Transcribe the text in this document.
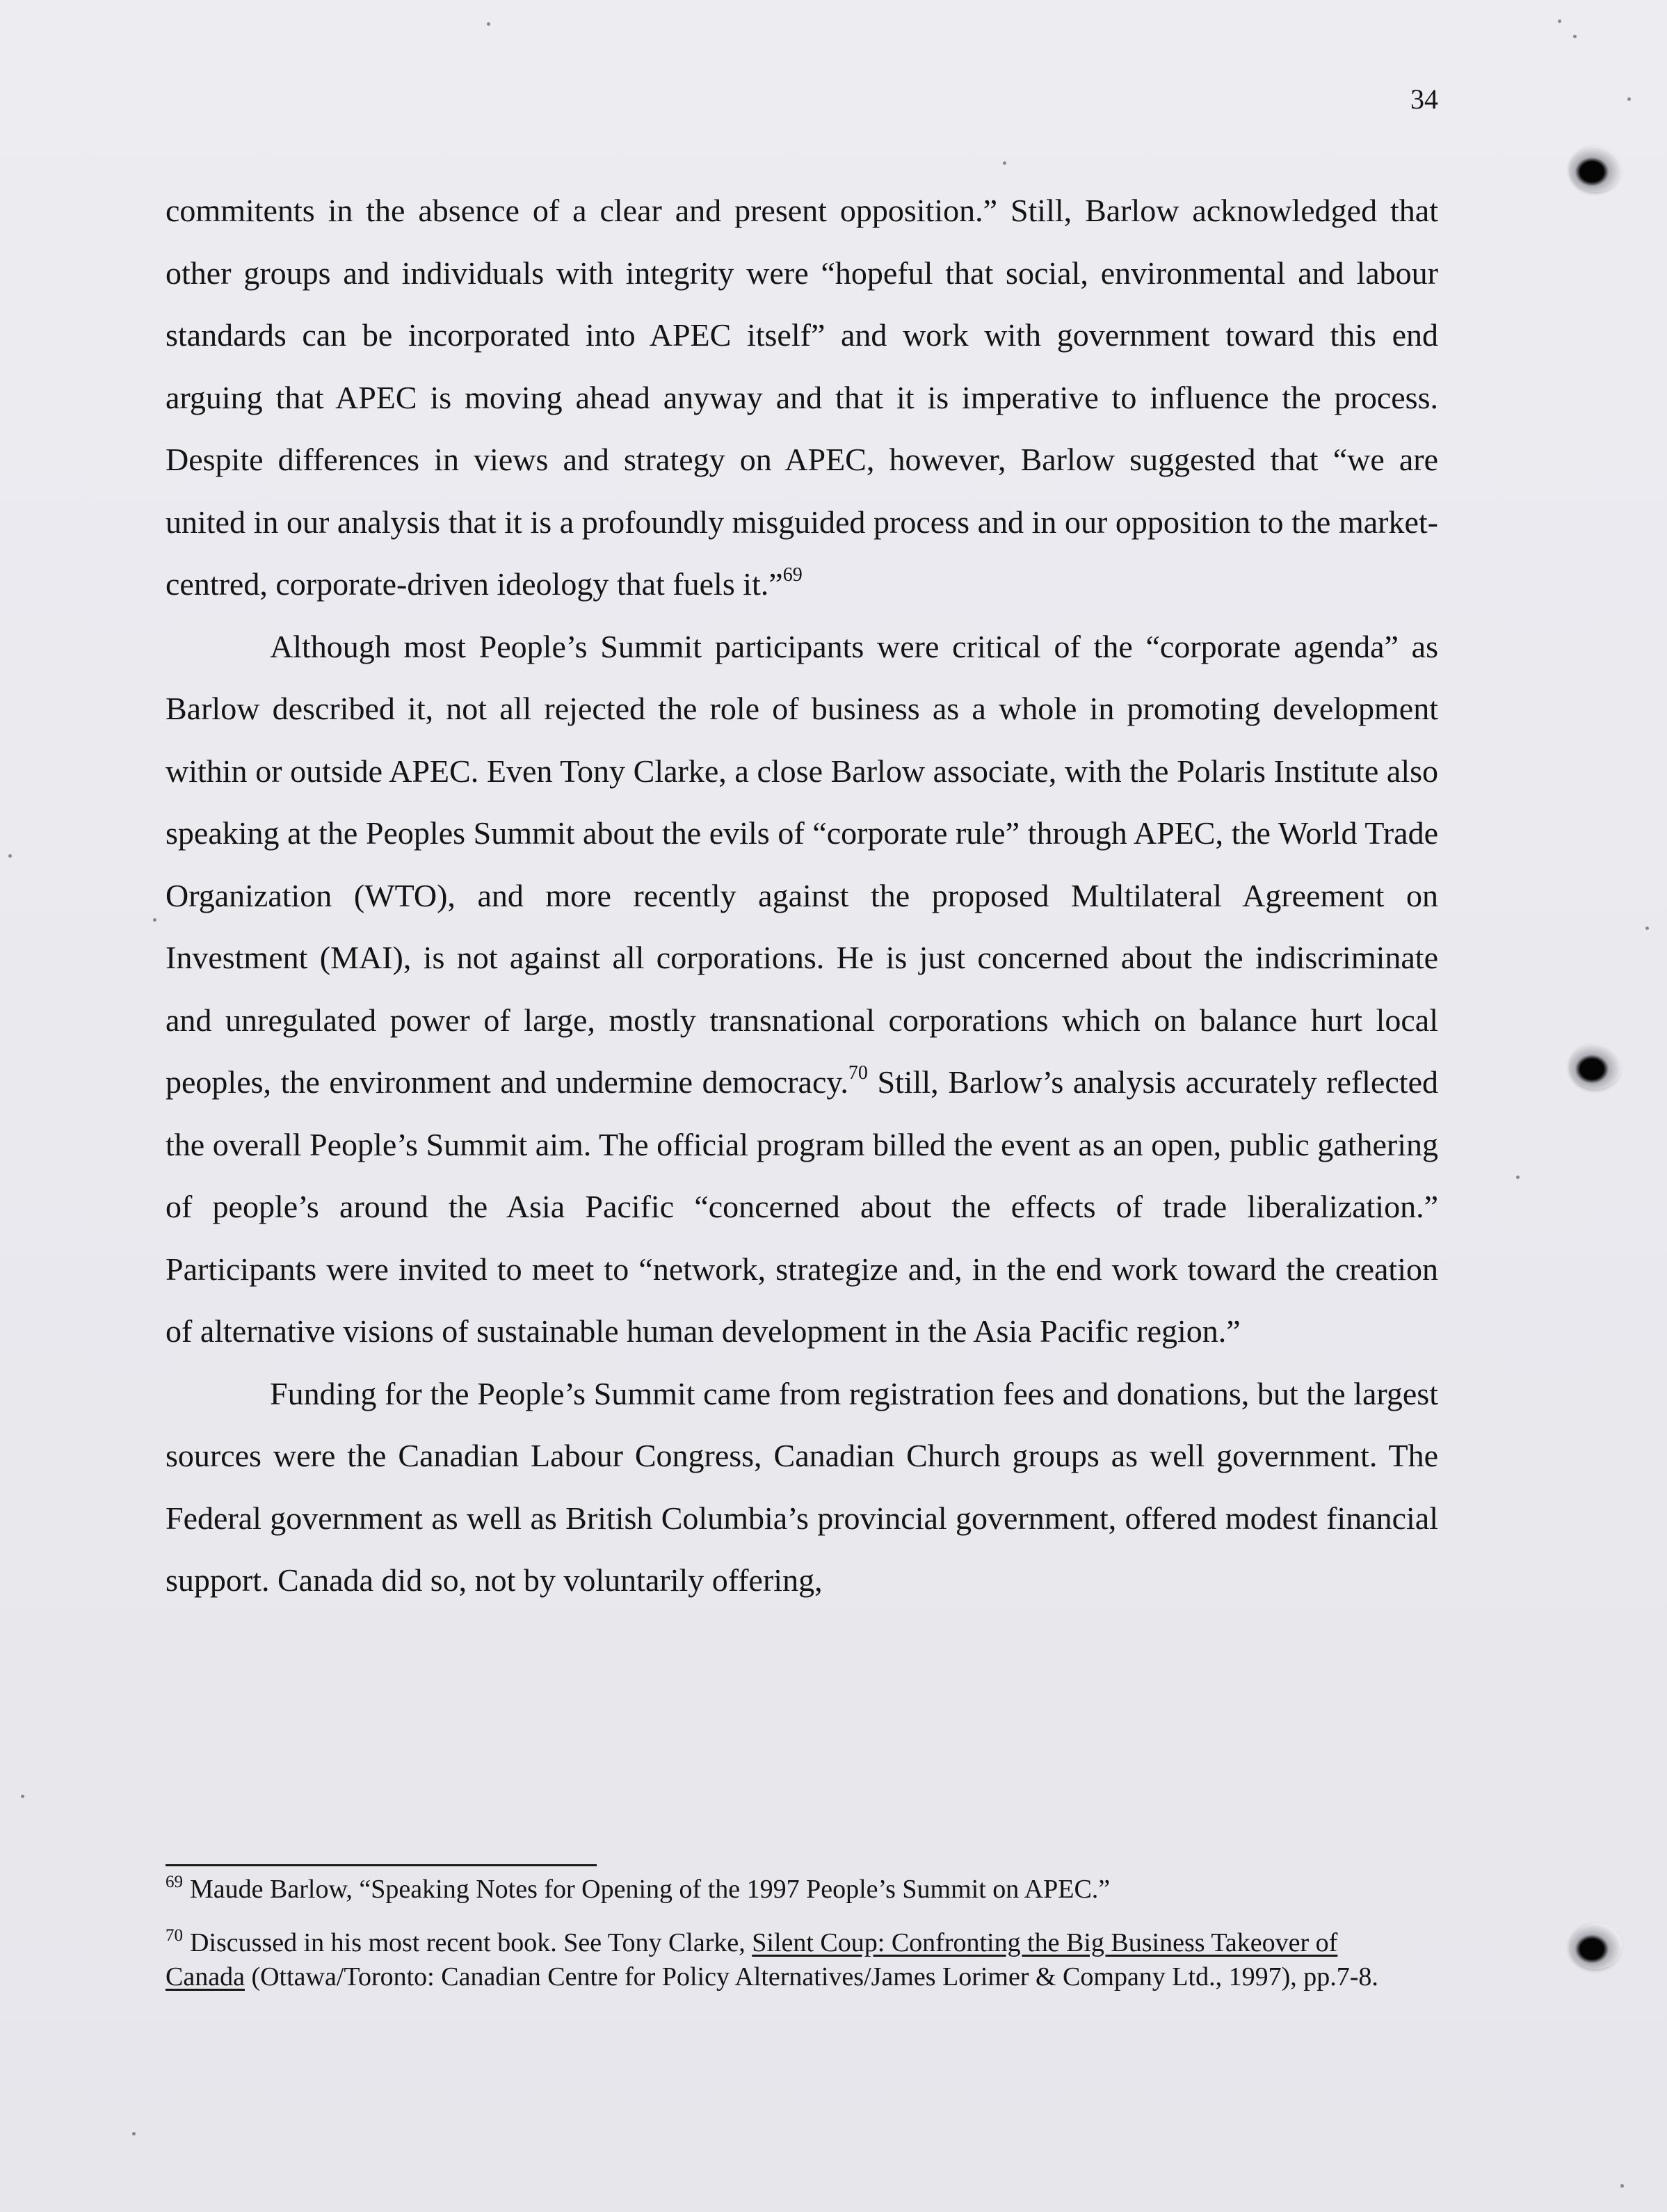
34

commitents in the absence of a clear and present opposition.” Still, Barlow acknowledged that other groups and individuals with integrity were “hopeful that social, environmental and labour standards can be incorporated into APEC itself” and work with government toward this end arguing that APEC is moving ahead anyway and that it is imperative to influence the process. Despite differences in views and strategy on APEC, however, Barlow suggested that “we are united in our analysis that it is a profoundly misguided process and in our opposition to the market-centred, corporate-driven ideology that fuels it.”$^{69}$

Although most People’s Summit participants were critical of the “corporate agenda” as Barlow described it, not all rejected the role of business as a whole in promoting development within or outside APEC. Even Tony Clarke, a close Barlow associate, with the Polaris Institute also speaking at the Peoples Summit about the evils of “corporate rule” through APEC, the World Trade Organization (WTO), and more recently against the proposed Multilateral Agreement on Investment (MAI), is not against all corporations. He is just concerned about the indiscriminate and unregulated power of large, mostly transnational corporations which on balance hurt local peoples, the environment and undermine democracy.$^{70}$ Still, Barlow’s analysis accurately reflected the overall People’s Summit aim. The official program billed the event as an open, public gathering of people’s around the Asia Pacific “concerned about the effects of trade liberalization.” Participants were invited to meet to “network, strategize and, in the end work toward the creation of alternative visions of sustainable human development in the Asia Pacific region.”

Funding for the People’s Summit came from registration fees and donations, but the largest sources were the Canadian Labour Congress, Canadian Church groups as well government. The Federal government as well as British Columbia’s provincial government, offered modest financial support. Canada did so, not by voluntarily offering,

$^{69}$ Maude Barlow, “Speaking Notes for Opening of the 1997 People’s Summit on APEC.”

$^{70}$ Discussed in his most recent book. See Tony Clarke, Silent Coup: Confronting the Big Business Takeover of Canada (Ottawa/Toronto: Canadian Centre for Policy Alternatives/James Lorimer & Company Ltd., 1997), pp.7-8.
